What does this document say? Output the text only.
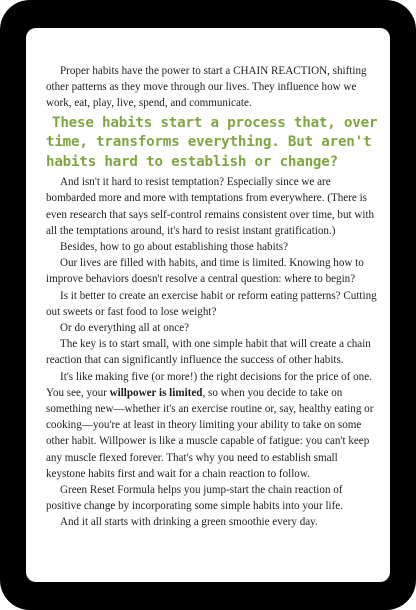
Proper habits have the power to start a CHAIN REACTION, shifting other patterns as they move through our lives. They influence how we work, eat, play, live, spend, and communicate.

These habits start a process that, over time, transforms everything. But aren't habits hard to establish or change?

And isn't it hard to resist temptation? Especially since we are bombarded more and more with temptations from everywhere. (There is even research that says self-control remains consistent over time, but with all the temptations around, it's hard to resist instant gratification.)

Besides, how to go about establishing those habits?

Our lives are filled with habits, and time is limited. Knowing how to improve behaviors doesn't resolve a central question: where to begin?

Is it better to create an exercise habit or reform eating patterns? Cutting out sweets or fast food to lose weight?

Or do everything all at once?

The key is to start small, with one simple habit that will create a chain reaction that can significantly influence the success of other habits.

It's like making five (or more!) the right decisions for the price of one. You see, your willpower is limited, so when you decide to take on something new—whether it's an exercise routine or, say, healthy eating or cooking—you're at least in theory limiting your ability to take on some other habit. Willpower is like a muscle capable of fatigue: you can't keep any muscle flexed forever. That's why you need to establish small keystone habits first and wait for a chain reaction to follow.

Green Reset Formula helps you jump-start the chain reaction of positive change by incorporating some simple habits into your life.

And it all starts with drinking a green smoothie every day.
